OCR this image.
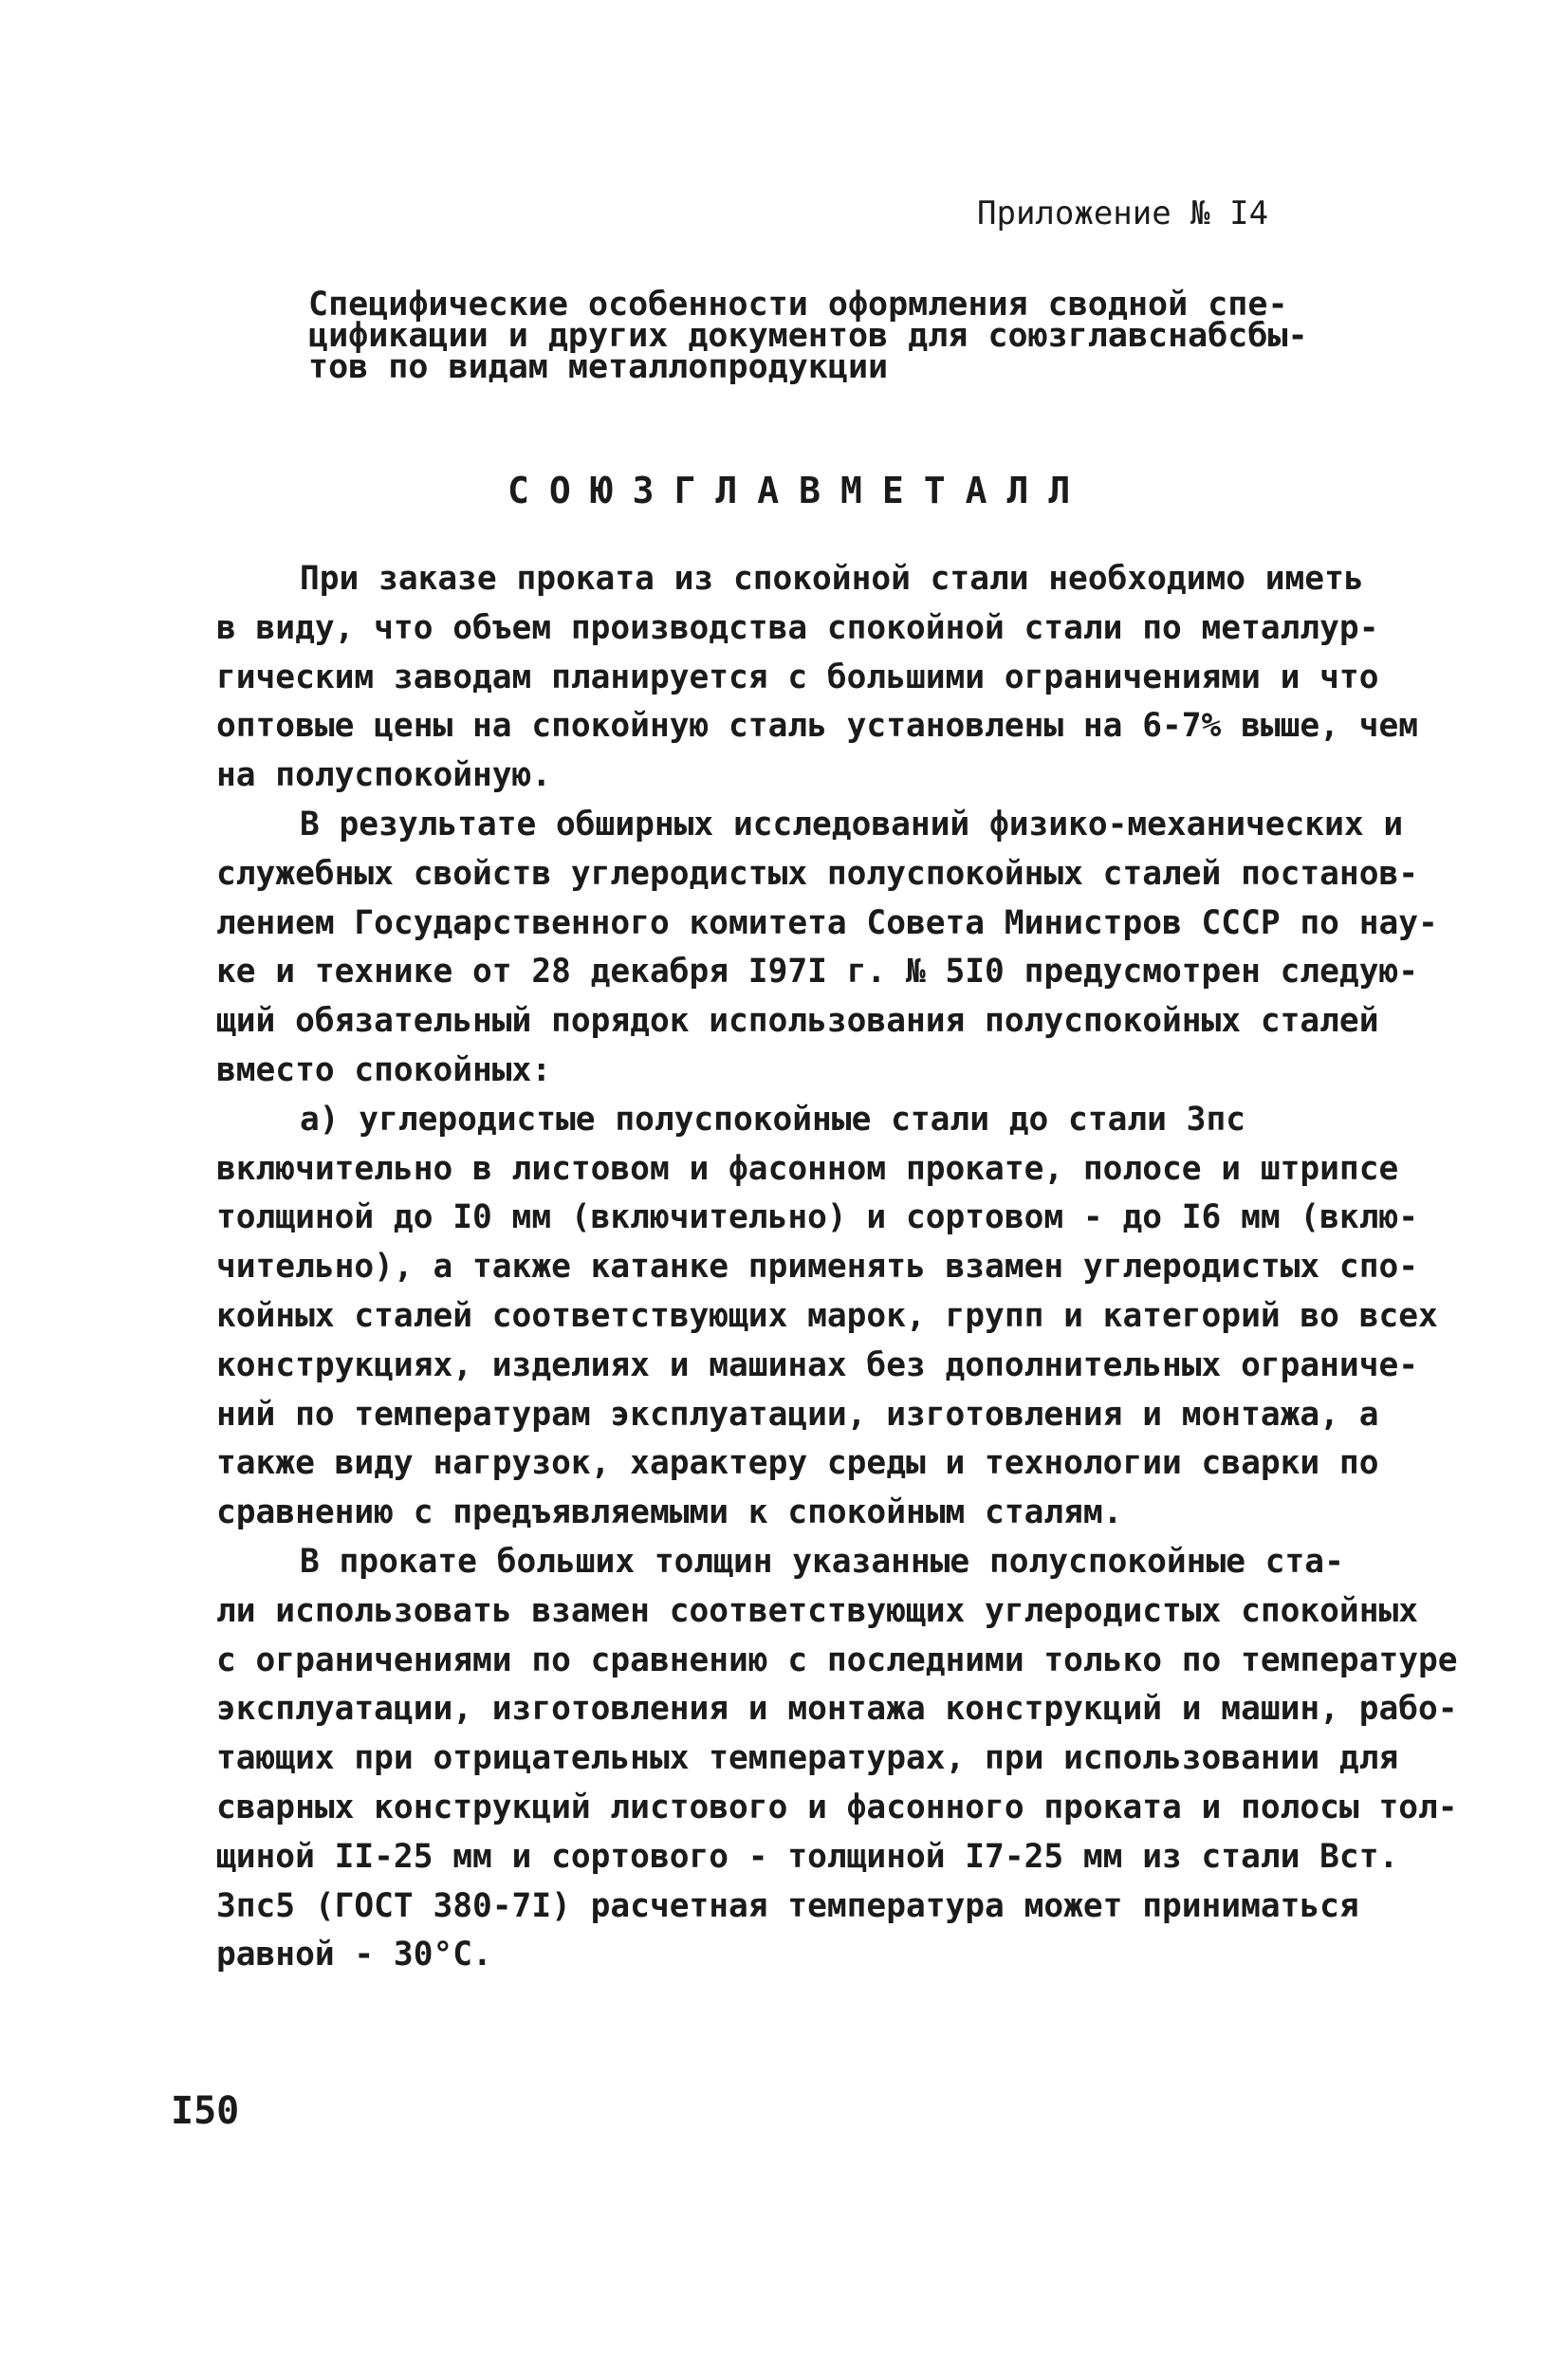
Приложение № I4
Специфические особенности оформления сводной спе-
цификации и других документов для союзглавснабсбы-
тов по видам металлопродукции
СОЮЗГЛАВМЕТАЛЛ
При заказе проката из спокойной стали необходимо иметь
в виду, что объем производства спокойной стали по металлур-
гическим заводам планируется с большими ограничениями и что
оптовые цены на спокойную сталь установлены на 6-7% выше, чем
на полуспокойную.
В результате обширных исследований физико-механических и
служебных свойств углеродистых полуспокойных сталей постанов-
лением Государственного комитета Совета Министров СССР по нау-
ке и технике от 28 декабря I97I г. № 5I0 предусмотрен следую-
щий обязательный порядок использования полуспокойных сталей
вместо спокойных:
а) углеродистые полуспокойные стали до стали 3пс
включительно в листовом и фасонном прокате, полосе и штрипсе
толщиной до I0 мм (включительно) и сортовом - до I6 мм (вклю-
чительно), а также катанке применять взамен углеродистых спо-
койных сталей соответствующих марок, групп и категорий во всех
конструкциях, изделиях и машинах без дополнительных ограниче-
ний по температурам эксплуатации, изготовления и монтажа, а
также виду нагрузок, характеру среды и технологии сварки по
сравнению с предъявляемыми к спокойным сталям.
В прокате больших толщин указанные полуспокойные ста-
ли использовать взамен соответствующих углеродистых спокойных
с ограничениями по сравнению с последними только по температуре
эксплуатации, изготовления и монтажа конструкций и машин, рабо-
тающих при отрицательных температурах, при использовании для
сварных конструкций листового и фасонного проката и полосы тол-
щиной II-25 мм и сортового - толщиной I7-25 мм из стали Вст.
3пс5 (ГОСТ 380-7I) расчетная температура может приниматься
равной - 30°С.
I50
